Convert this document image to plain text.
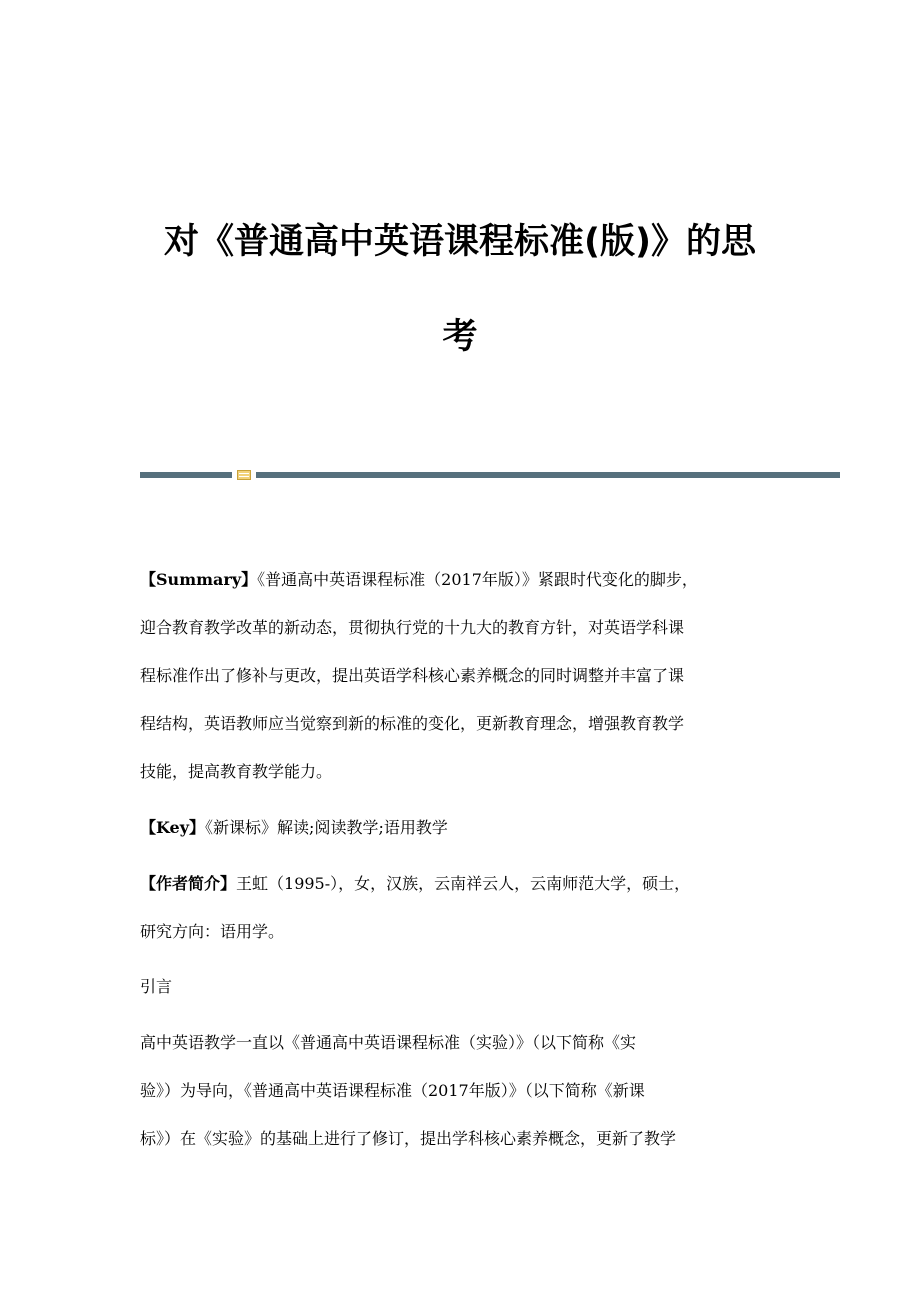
对《普通高中英语课程标准(版)》的思
考
【Summary】《普通高中英语课程标准（2017年版）》紧跟时代变化的脚步，
迎合教育教学改革的新动态，贯彻执行党的十九大的教育方针，对英语学科课
程标准作出了修补与更改，提出英语学科核心素养概念的同时调整并丰富了课
程结构，英语教师应当觉察到新的标准的变化，更新教育理念，增强教育教学
技能，提高教育教学能力。
【Key】《新课标》解读;阅读教学;语用教学
【作者简介】王虹（1995-），女，汉族，云南祥云人，云南师范大学，硕士，
研究方向：语用学。
引言
高中英语教学一直以《普通高中英语课程标准（实验）》（以下简称《实
验》）为导向，《普通高中英语课程标准（2017年版）》（以下简称《新课
标》）在《实验》的基础上进行了修订，提出学科核心素养概念，更新了教学
